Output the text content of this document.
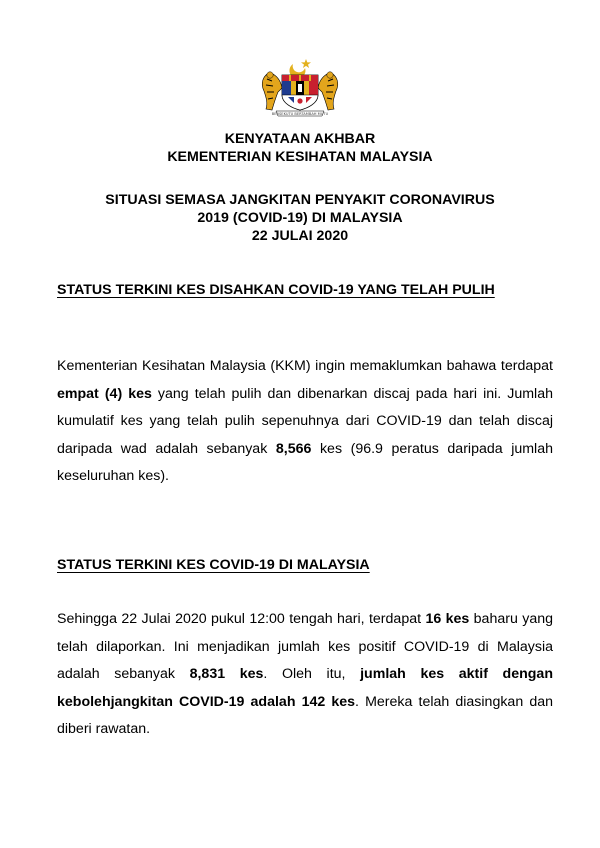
BERSEKUTU BERTAMBAH MUTU
KENYATAAN AKHBAR
KEMENTERIAN KESIHATAN MALAYSIA
SITUASI SEMASA JANGKITAN PENYAKIT CORONAVIRUS
2019 (COVID-19) DI MALAYSIA
22 JULAI 2020
STATUS TERKINI KES DISAHKAN COVID-19 YANG TELAH PULIH
Kementerian Kesihatan Malaysia (KKM) ingin memaklumkan bahawa terdapat empat (4) kes yang telah pulih dan dibenarkan discaj pada hari ini. Jumlah kumulatif kes yang telah pulih sepenuhnya dari COVID-19 dan telah discaj daripada wad adalah sebanyak 8,566 kes (96.9 peratus daripada jumlah keseluruhan kes).
STATUS TERKINI KES COVID-19 DI MALAYSIA
Sehingga 22 Julai 2020 pukul 12:00 tengah hari, terdapat 16 kes baharu yang telah dilaporkan. Ini menjadikan jumlah kes positif COVID-19 di Malaysia adalah sebanyak 8,831 kes. Oleh itu, jumlah kes aktif dengan kebolehjangkitan COVID-19 adalah 142 kes. Mereka telah diasingkan dan diberi rawatan.
